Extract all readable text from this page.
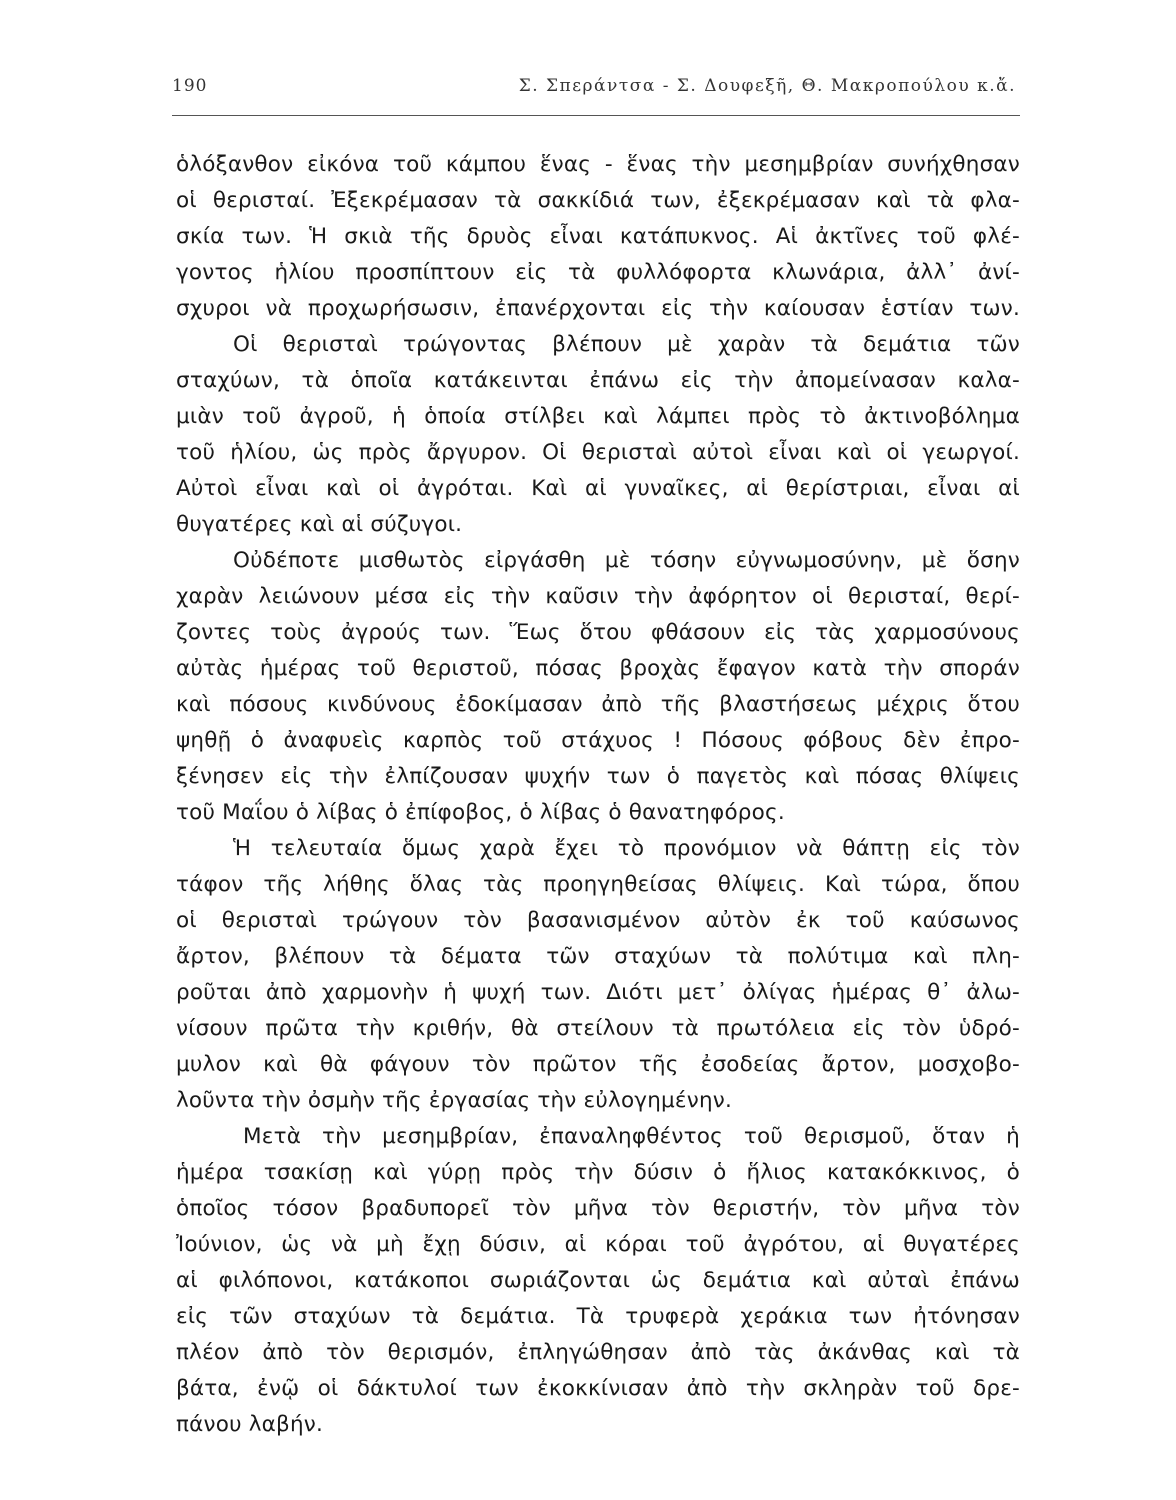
190	Σ. Σπεράντσα - Σ. Δουφεξῆ, Θ. Μακροπούλου κ.ἄ.
ὁλόξανθον εἰκόνα τοῦ κάμπου ἕνας - ἕνας τὴν μεσημβρίαν συνήχθησαν
οἱ θερισταί. Ἐξεκρέμασαν τὰ σακκίδιά των, ἐξεκρέμασαν καὶ τὰ φλα-
σκία των. Ἡ σκιὰ τῆς δρυὸς εἶναι κατάπυκνος. Αἱ ἀκτῖνες τοῦ φλέ-
γοντος ἡλίου προσπίπτουν εἰς τὰ φυλλόφορτα κλωνάρια, ἀλλ᾿ ἀνί-
σχυροι νὰ προχωρήσωσιν, ἐπανέρχονται εἰς τὴν καίουσαν ἑστίαν των.
Οἱ θερισταὶ τρώγοντας βλέπουν μὲ χαρὰν τὰ δεμάτια τῶν
σταχύων, τὰ ὁποῖα κατάκεινται ἐπάνω εἰς τὴν ἀπομείνασαν καλα-
μιὰν τοῦ ἀγροῦ, ἡ ὁποία στίλβει καὶ λάμπει πρὸς τὸ ἀκτινοβόλημα
τοῦ ἡλίου, ὡς πρὸς ἄργυρον. Οἱ θερισταὶ αὐτοὶ εἶναι καὶ οἱ γεωργοί.
Αὐτοὶ εἶναι καὶ οἱ ἀγρόται. Καὶ αἱ γυναῖκες, αἱ θερίστριαι, εἶναι αἱ
θυγατέρες καὶ αἱ σύζυγοι.
Οὐδέποτε μισθωτὸς εἰργάσθη μὲ τόσην εὐγνωμοσύνην, μὲ ὅσην
χαρὰν λειώνουν μέσα εἰς τὴν καῦσιν τὴν ἀφόρητον οἱ θερισταί, θερί-
ζοντες τοὺς ἀγρούς των. Ἕως ὅτου φθάσουν εἰς τὰς χαρμοσύνους
αὐτὰς ἡμέρας τοῦ θεριστοῦ, πόσας βροχὰς ἔφαγον κατὰ τὴν σποράν
καὶ πόσους κινδύνους ἐδοκίμασαν ἀπὸ τῆς βλαστήσεως μέχρις ὅτου
ψηθῇ ὁ ἀναφυεὶς καρπὸς τοῦ στάχυος ! Πόσους φόβους δὲν ἐπρο-
ξένησεν εἰς τὴν ἐλπίζουσαν ψυχήν των ὁ παγετὸς καὶ πόσας θλίψεις
τοῦ Μαΐου ὁ λίβας ὁ ἐπίφοβος, ὁ λίβας ὁ θανατηφόρος.
Ἡ τελευταία ὅμως χαρὰ ἔχει τὸ προνόμιον νὰ θάπτῃ εἰς τὸν
τάφον τῆς λήθης ὅλας τὰς προηγηθείσας θλίψεις. Καὶ τώρα, ὅπου
οἱ θερισταὶ τρώγουν τὸν βασανισμένον αὐτὸν ἐκ τοῦ καύσωνος
ἄρτον, βλέπουν τὰ δέματα τῶν σταχύων τὰ πολύτιμα καὶ πλη-
ροῦται ἀπὸ χαρμονὴν ἡ ψυχή των. Διότι μετ᾿ ὀλίγας ἡμέρας θ᾿ ἀλω-
νίσουν πρῶτα τὴν κριθήν, θὰ στείλουν τὰ πρωτόλεια εἰς τὸν ὑδρό-
μυλον καὶ θὰ φάγουν τὸν πρῶτον τῆς ἐσοδείας ἄρτον, μοσχοβο-
λοῦντα τὴν ὀσμὴν τῆς ἐργασίας τὴν εὐλογημένην.
Μετὰ τὴν μεσημβρίαν, ἐπαναληφθέντος τοῦ θερισμοῦ, ὅταν ἡ
ἡμέρα τσακίσῃ καὶ γύρῃ πρὸς τὴν δύσιν ὁ ἥλιος κατακόκκινος, ὁ
ὁποῖος τόσον βραδυπορεῖ τὸν μῆνα τὸν θεριστήν, τὸν μῆνα τὸν
Ἰούνιον, ὡς νὰ μὴ ἔχῃ δύσιν, αἱ κόραι τοῦ ἀγρότου, αἱ θυγατέρες
αἱ φιλόπονοι, κατάκοποι σωριάζονται ὡς δεμάτια καὶ αὐταὶ ἐπάνω
εἰς τῶν σταχύων τὰ δεμάτια. Τὰ τρυφερὰ χεράκια των ἠτόνησαν
πλέον ἀπὸ τὸν θερισμόν, ἐπληγώθησαν ἀπὸ τὰς ἀκάνθας καὶ τὰ
βάτα, ἐνῷ οἱ δάκτυλοί των ἐκοκκίνισαν ἀπὸ τὴν σκληρὰν τοῦ δρε-
πάνου λαβήν.
